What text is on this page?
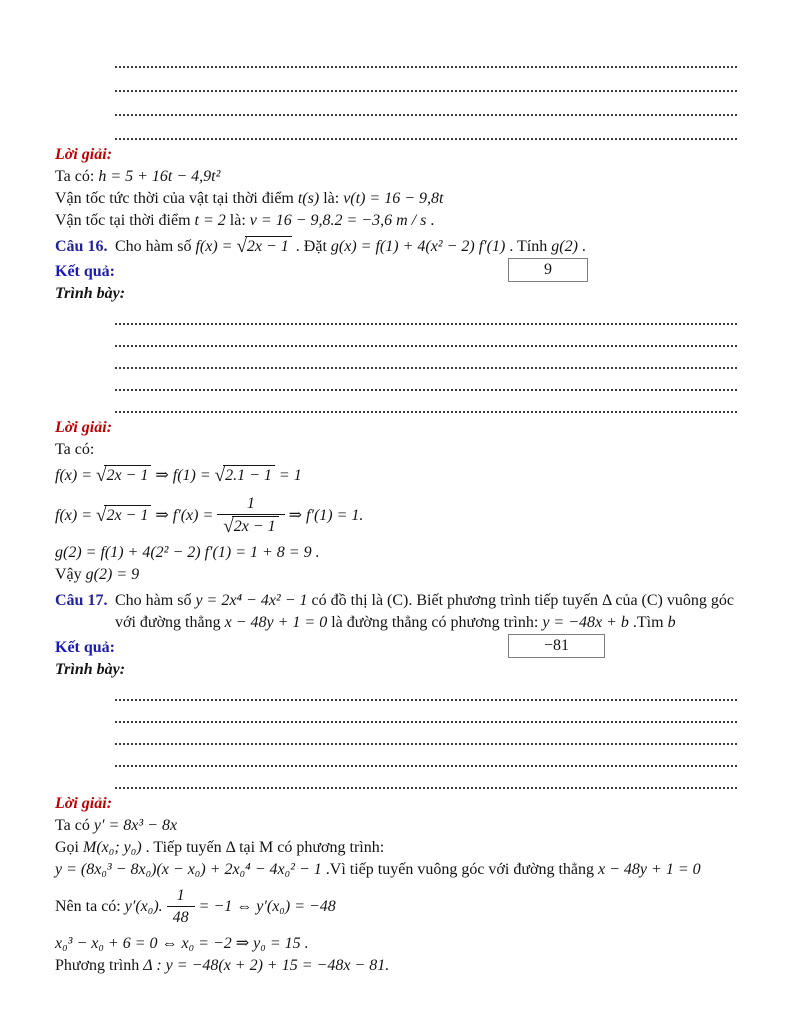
Lời giải:
Ta có: h = 5 + 16t − 4,9t²
Vận tốc tức thời của vật tại thời điểm t(s) là: v(t) = 16 − 9,8t
Vận tốc tại thời điểm t = 2 là: v = 16 − 9,8.2 = −3,6 m / s .
Câu 16. Cho hàm số f(x) = √2x − 1 . Đặt g(x) = f(1) + 4(x² − 2) f′(1) . Tính g(2) .
Kết quả:	9
Trình bày:
Lời giải:
Ta có:
f(x) = √2x − 1 ⇒ f(1) = √2.1 − 1 = 1
f(x) = √2x − 1 ⇒ $f'(x) = \frac{1}{√2x - 1}$ ⇒ f′(1) = 1.
g(2) = f(1) + 4(2² − 2) f′(1) = 1 + 8 = 9 .
Vậy g(2) = 9
Câu 17. Cho hàm số y = 2x⁴ − 4x² − 1 có đồ thị là (C). Biết phương trình tiếp tuyến Δ của (C) vuông góc với đường thẳng x − 48y + 1 = 0 là đường thẳng có phương trình: y = −48x + b .Tìm b
Kết quả:	−81
Trình bày:
Lời giải:
Ta có y′ = 8x³ − 8x
Gọi M(x₀; y₀) . Tiếp tuyến Δ tại M có phương trình:
y = (8x₀³ − 8x₀)(x − x₀) + 2x₀⁴ − 4x₀² − 1 .Vì tiếp tuyến vuông góc với đường thẳng x − 48y + 1 = 0
Nên ta có: y′(x₀). $\frac{1}{48} = -1$ ⇔ y′(x₀) = −48
x₀³ − x₀ + 6 = 0 ⇔ x₀ = −2 ⇒ y₀ = 15 .
Phương trình Δ : y = −48(x + 2) + 15 = −48x − 81.
